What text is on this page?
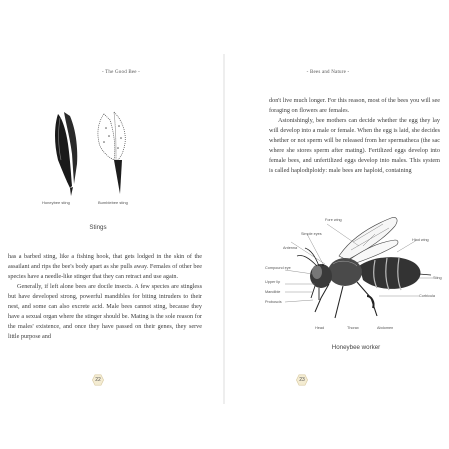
- The Good Bee -
Honeybee sting	Bumblebee sting
Stings

has a barbed sting, like a fishing hook, that gets lodged in the skin of the assailant and rips the bee's body apart as she pulls away. Females of other bee species have a needle-like stinger that they can retract and use again.

Generally, if left alone bees are docile insects. A few species are stingless but have developed strong, powerful mandibles for biting intruders to their nest, and some can also excrete acid. Male bees cannot sting, because they have a sexual organ where the stinger should be. Mating is the sole reason for the males' existence, and once they have passed on their genes, they serve little purpose and

22
- Bees and Nature -

don't live much longer. For this reason, most of the bees you will see foraging on flowers are females.

Astonishingly, bee mothers can decide whether the egg they lay will develop into a male or female. When the egg is laid, she decides whether or not sperm will be released from her spermatheca (the sac where she stores sperm after mating). Fertilized eggs develop into female bees, and unfertilized eggs develop into males. This system is called haplodiploidy: male bees are haploid, containing

Fore wing
Simple eyes
Hind wing
Antenna
Compound eye
Sting
Upper lip
Corbicula
Mandible
Proboscis
Head	Thorax	Abdomen
Honeybee worker
23
